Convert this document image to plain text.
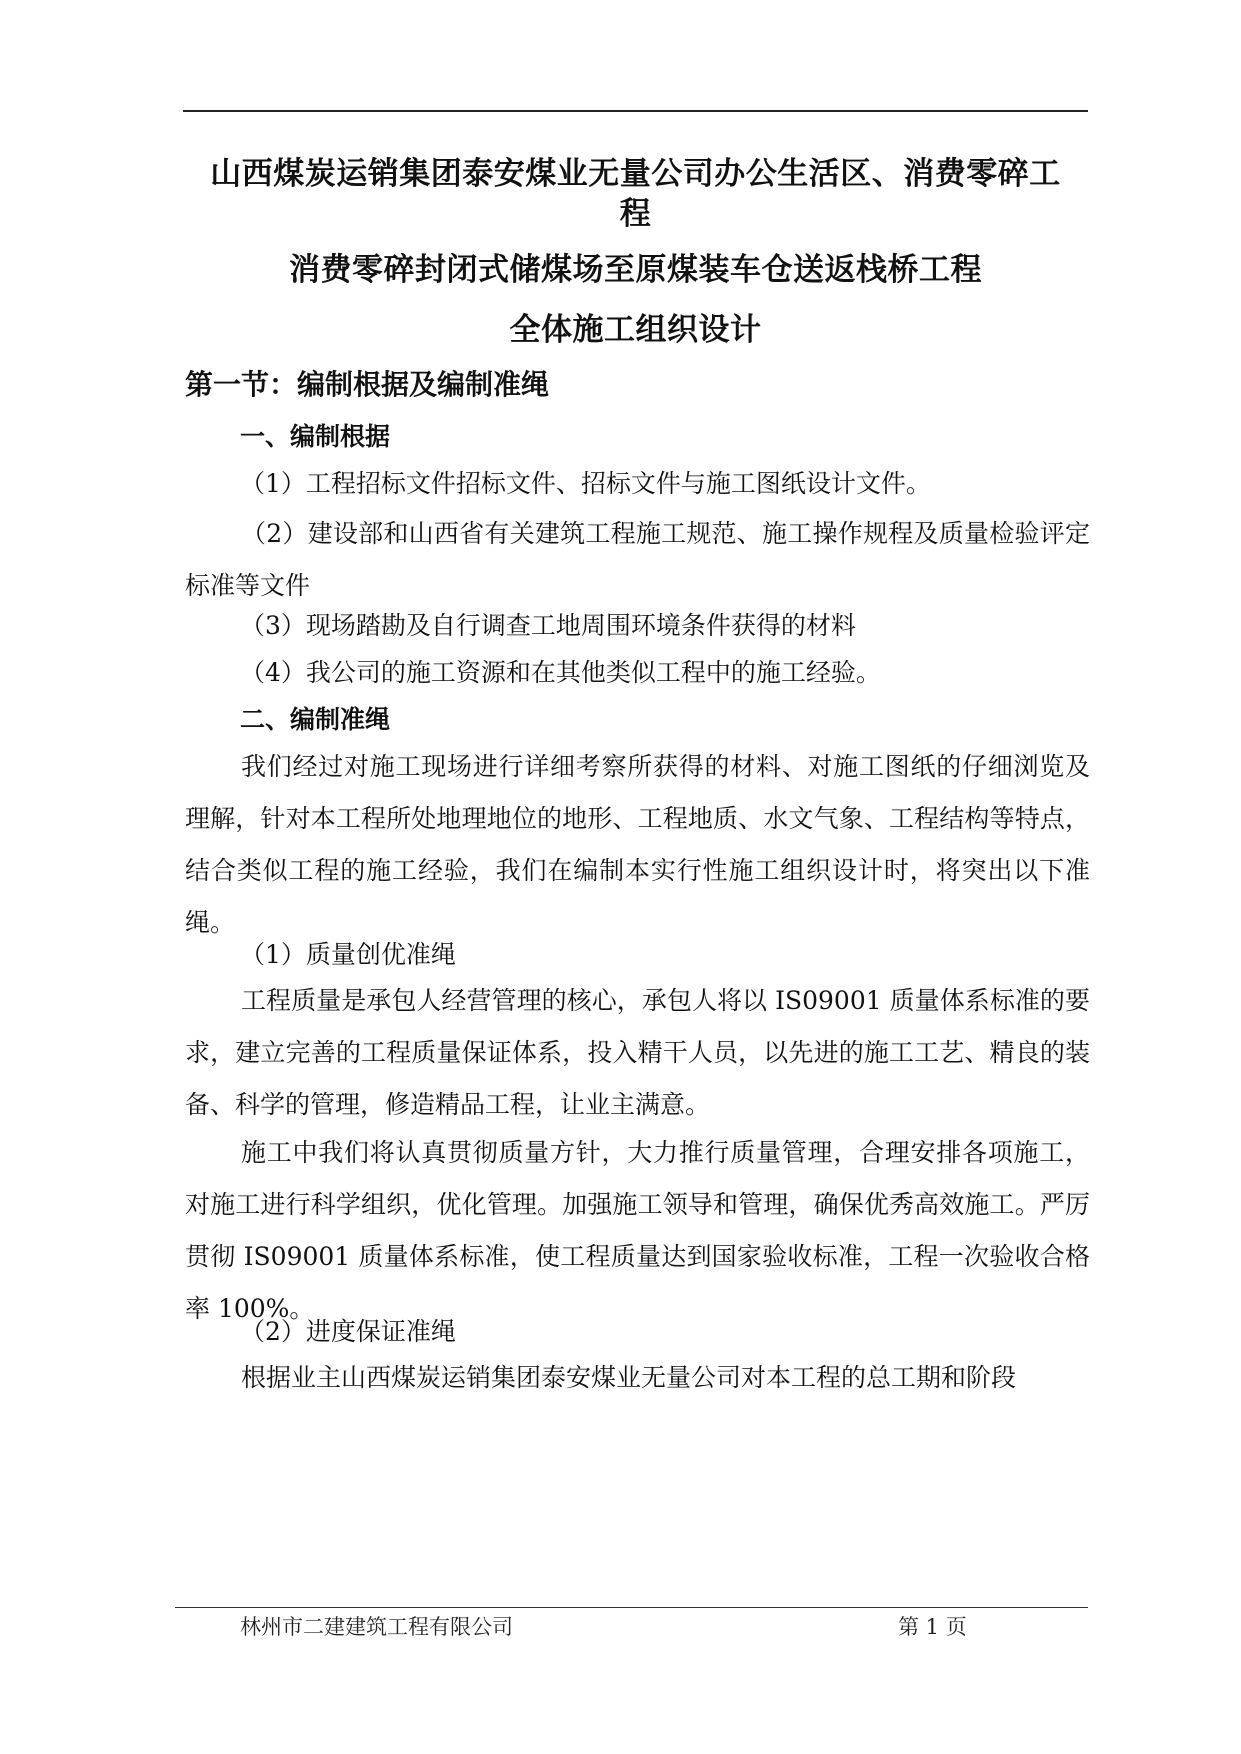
山西煤炭运销集团泰安煤业无量公司办公生活区、消费零碎工
程
消费零碎封闭式储煤场至原煤装车仓送返栈桥工程
全体施工组织设计
第一节：编制根据及编制准绳
一、编制根据
（1）工程招标文件招标文件、招标文件与施工图纸设计文件。

（2）建设部和山西省有关建筑工程施工规范、施工操作规程及质量检验评定标准等文件

（3）现场踏勘及自行调查工地周围环境条件获得的材料
（4）我公司的施工资源和在其他类似工程中的施工经验。
二、编制准绳

我们经过对施工现场进行详细考察所获得的材料、对施工图纸的仔细浏览及理解，针对本工程所处地理地位的地形、工程地质、水文气象、工程结构等特点，结合类似工程的施工经验，我们在编制本实行性施工组织设计时，将突出以下准绳。

（1）质量创优准绳

工程质量是承包人经营管理的核心，承包人将以 IS09001 质量体系标准的要求，建立完善的工程质量保证体系，投入精干人员，以先进的施工工艺、精良的装备、科学的管理，修造精品工程，让业主满意。

施工中我们将认真贯彻质量方针，大力推行质量管理，合理安排各项施工，对施工进行科学组织，优化管理。加强施工领导和管理，确保优秀高效施工。严厉贯彻 IS09001 质量体系标准，使工程质量达到国家验收标准，工程一次验收合格率 100%。

（2）进度保证准绳

根据业主山西煤炭运销集团泰安煤业无量公司对本工程的总工期和阶段

林州市二建建筑工程有限公司	第 1 页
